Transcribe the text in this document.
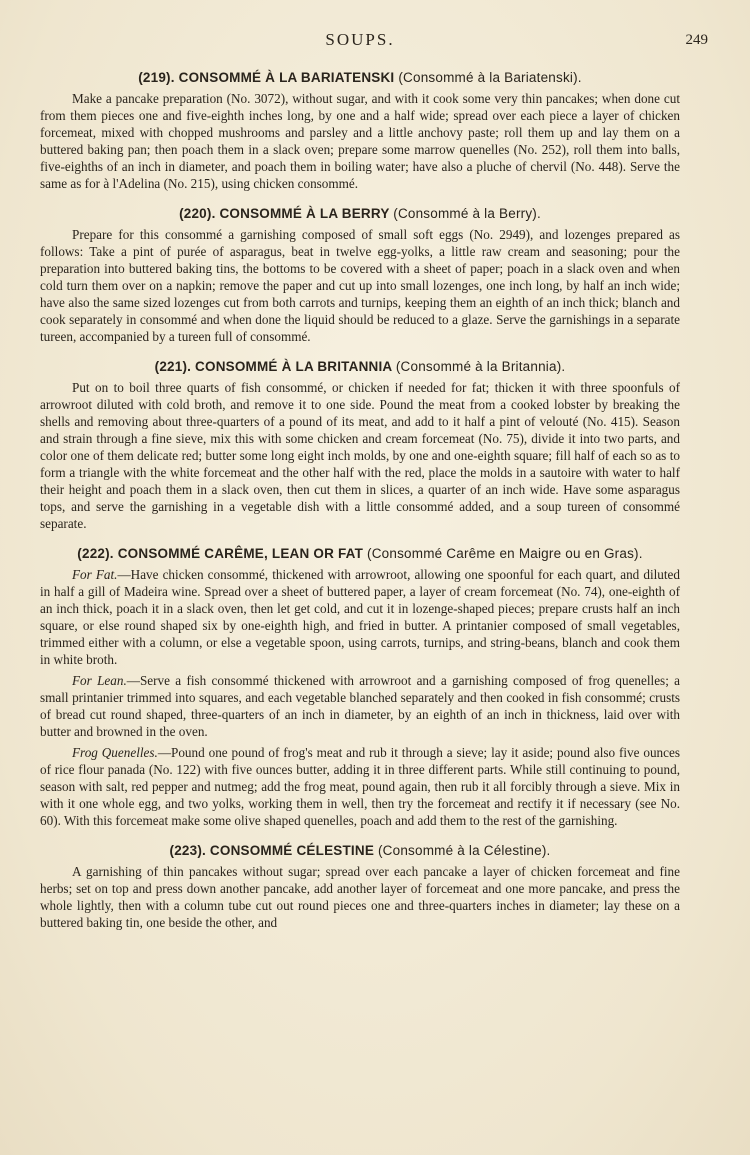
SOUPS.	249
(219). CONSOMMÉ À LA BARIATENSKI (Consommé à la Bariatenski).

Make a pancake preparation (No. 3072), without sugar, and with it cook some very thin pancakes; when done cut from them pieces one and five-eighth inches long, by one and a half wide; spread over each piece a layer of chicken forcemeat, mixed with chopped mushrooms and parsley and a little anchovy paste; roll them up and lay them on a buttered baking pan; then poach them in a slack oven; prepare some marrow quenelles (No. 252), roll them into balls, five-eighths of an inch in diameter, and poach them in boiling water; have also a pluche of chervil (No. 448). Serve the same as for à l'Adelina (No. 215), using chicken consommé.

(220). CONSOMMÉ À LA BERRY (Consommé à la Berry).

Prepare for this consommé a garnishing composed of small soft eggs (No. 2949), and lozenges prepared as follows: Take a pint of purée of asparagus, beat in twelve egg-yolks, a little raw cream and seasoning; pour the preparation into buttered baking tins, the bottoms to be covered with a sheet of paper; poach in a slack oven and when cold turn them over on a napkin; remove the paper and cut up into small lozenges, one inch long, by half an inch wide; have also the same sized lozenges cut from both carrots and turnips, keeping them an eighth of an inch thick; blanch and cook separately in consommé and when done the liquid should be reduced to a glaze. Serve the garnishings in a separate tureen, accompanied by a tureen full of consommé.

(221). CONSOMMÉ À LA BRITANNIA (Consommé à la Britannia).

Put on to boil three quarts of fish consommé, or chicken if needed for fat; thicken it with three spoonfuls of arrowroot diluted with cold broth, and remove it to one side. Pound the meat from a cooked lobster by breaking the shells and removing about three-quarters of a pound of its meat, and add to it half a pint of velouté (No. 415). Season and strain through a fine sieve, mix this with some chicken and cream forcemeat (No. 75), divide it into two parts, and color one of them delicate red; butter some long eight inch molds, by one and one-eighth square; fill half of each so as to form a triangle with the white forcemeat and the other half with the red, place the molds in a sautoire with water to half their height and poach them in a slack oven, then cut them in slices, a quarter of an inch wide. Have some asparagus tops, and serve the garnishing in a vegetable dish with a little consommé added, and a soup tureen of consommé separate.

(222). CONSOMMÉ CARÊME, LEAN OR FAT (Consommé Carême en Maigre ou en Gras).

For Fat.—Have chicken consommé, thickened with arrowroot, allowing one spoonful for each quart, and diluted in half a gill of Madeira wine. Spread over a sheet of buttered paper, a layer of cream forcemeat (No. 74), one-eighth of an inch thick, poach it in a slack oven, then let get cold, and cut it in lozenge-shaped pieces; prepare crusts half an inch square, or else round shaped six by one-eighth high, and fried in butter. A printanier composed of small vegetables, trimmed either with a column, or else a vegetable spoon, using carrots, turnips, and string-beans, blanch and cook them in white broth.

For Lean.—Serve a fish consommé thickened with arrowroot and a garnishing composed of frog quenelles; a small printanier trimmed into squares, and each vegetable blanched separately and then cooked in fish consommé; crusts of bread cut round shaped, three-quarters of an inch in diameter, by an eighth of an inch in thickness, laid over with butter and browned in the oven.

Frog Quenelles.—Pound one pound of frog's meat and rub it through a sieve; lay it aside; pound also five ounces of rice flour panada (No. 122) with five ounces butter, adding it in three different parts. While still continuing to pound, season with salt, red pepper and nutmeg; add the frog meat, pound again, then rub it all forcibly through a sieve. Mix in with it one whole egg, and two yolks, working them in well, then try the forcemeat and rectify it if necessary (see No. 60). With this forcemeat make some olive shaped quenelles, poach and add them to the rest of the garnishing.

(223). CONSOMMÉ CÉLESTINE (Consommé à la Célestine).

A garnishing of thin pancakes without sugar; spread over each pancake a layer of chicken forcemeat and fine herbs; set on top and press down another pancake, add another layer of forcemeat and one more pancake, and press the whole lightly, then with a column tube cut out round pieces one and three-quarters inches in diameter; lay these on a buttered baking tin, one beside the other, and
